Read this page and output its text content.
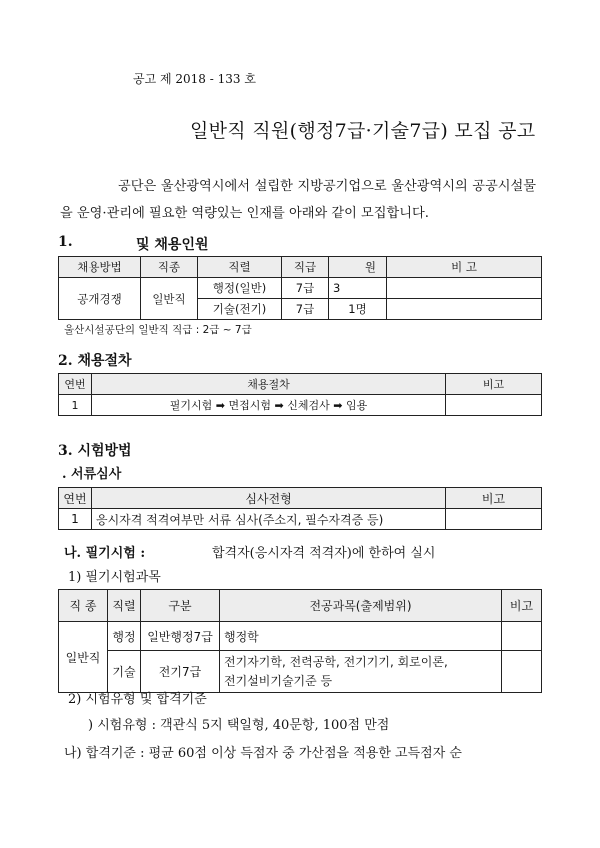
공고 제 2018 - 133 호
일반직 직원(행정7급·기술7급) 모집 공고
공단은 울산광역시에서 설립한 지방공기업으로 울산광역시의 공공시설물을 운영·관리에 필요한 역량있는 인재를 아래와 같이 모집합니다.
1.	및 채용인원
채용방법	직종	직렬	직급	원	비 고
공개경쟁	일반직	행정(일반)	7급	3	
		기술(전기)	7급	1명	
울산시설공단의 일반직 직급 : 2급 ~ 7급
2. 채용절차
연번	채용절차	비고
1	필기시험 ➡ 면접시험 ➡ 신체검사 ➡ 임용	
3. 시험방법
. 서류심사
연번	심사전형	비고
1	응시자격 적격여부만 서류 심사(주소지, 필수자격증 등)	
나. 필기시험 :	합격자(응시자격 적격자)에 한하여 실시
1) 필기시험과목
직 종	직렬	구분	전공과목(출제범위)	비고
일반직	행정	일반행정7급	행정학	
	기술	전기7급	전기자기학, 전력공학, 전기기기, 회로이론,
전기설비기술기준 등	

2) 시험유형 및 합격기준
) 시험유형 : 객관식 5지 택일형, 40문항, 100점 만점
나) 합격기준 : 평균 60점 이상 득점자 중 가산점을 적용한 고득점자 순
